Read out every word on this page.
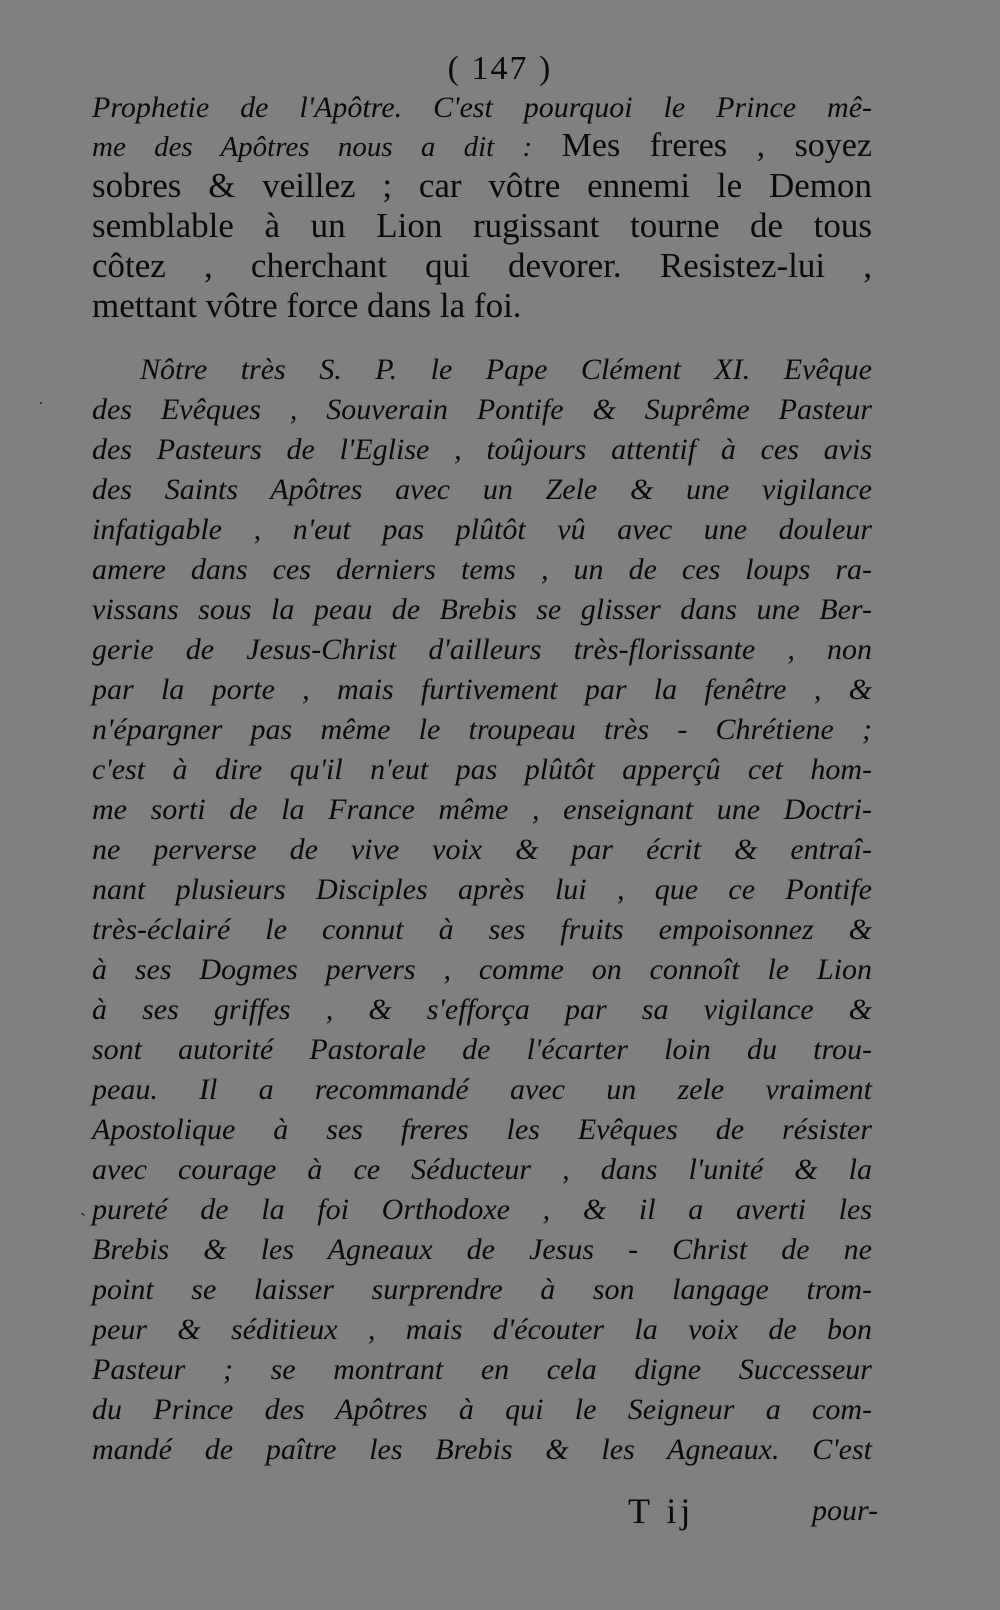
( 147 )
Prophetie de l'Apôtre. C'est pourquoi le Prince mê-
me des Apôtres nous a dit : Mes freres , soyez
sobres & veillez ; car vôtre ennemi le Demon
semblable à un Lion rugissant tourne de tous
côtez , cherchant qui devorer. Resistez-lui ,
mettant vôtre force dans la foi.
Nôtre très S. P. le Pape Clément XI. Evêque
des Evêques , Souverain Pontife & Suprême Pasteur
des Pasteurs de l'Eglise , toûjours attentif à ces avis
des Saints Apôtres avec un Zele & une vigilance
infatigable , n'eut pas plûtôt vû avec une douleur
amere dans ces derniers tems , un de ces loups ra-
vissans sous la peau de Brebis se glisser dans une Ber-
gerie de Jesus-Christ d'ailleurs très-florissante , non
par la porte , mais furtivement par la fenêtre , &
n'épargner pas même le troupeau très - Chrétiene ;
c'est à dire qu'il n'eut pas plûtôt apperçû cet hom-
me sorti de la France même , enseignant une Doctri-
ne perverse de vive voix & par écrit & entraî-
nant plusieurs Disciples après lui , que ce Pontife
très-éclairé le connut à ses fruits empoisonnez &
à ses Dogmes pervers , comme on connoît le Lion
à ses griffes , & s'efforça par sa vigilance &
sont autorité Pastorale de l'écarter loin du trou-
peau. Il a recommandé avec un zele vraiment
Apostolique à ses freres les Evêques de résister
avec courage à ce Séducteur , dans l'unité & la
pureté de la foi Orthodoxe , & il a averti les
Brebis & les Agneaux de Jesus - Christ de ne
point se laisser surprendre à son langage trom-
peur & séditieux , mais d'écouter la voix de bon
Pasteur ; se montrant en cela digne Successeur
du Prince des Apôtres à qui le Seigneur a com-
mandé de paître les Brebis & les Agneaux. C'est
T ij	pour-
˙
ˎ
